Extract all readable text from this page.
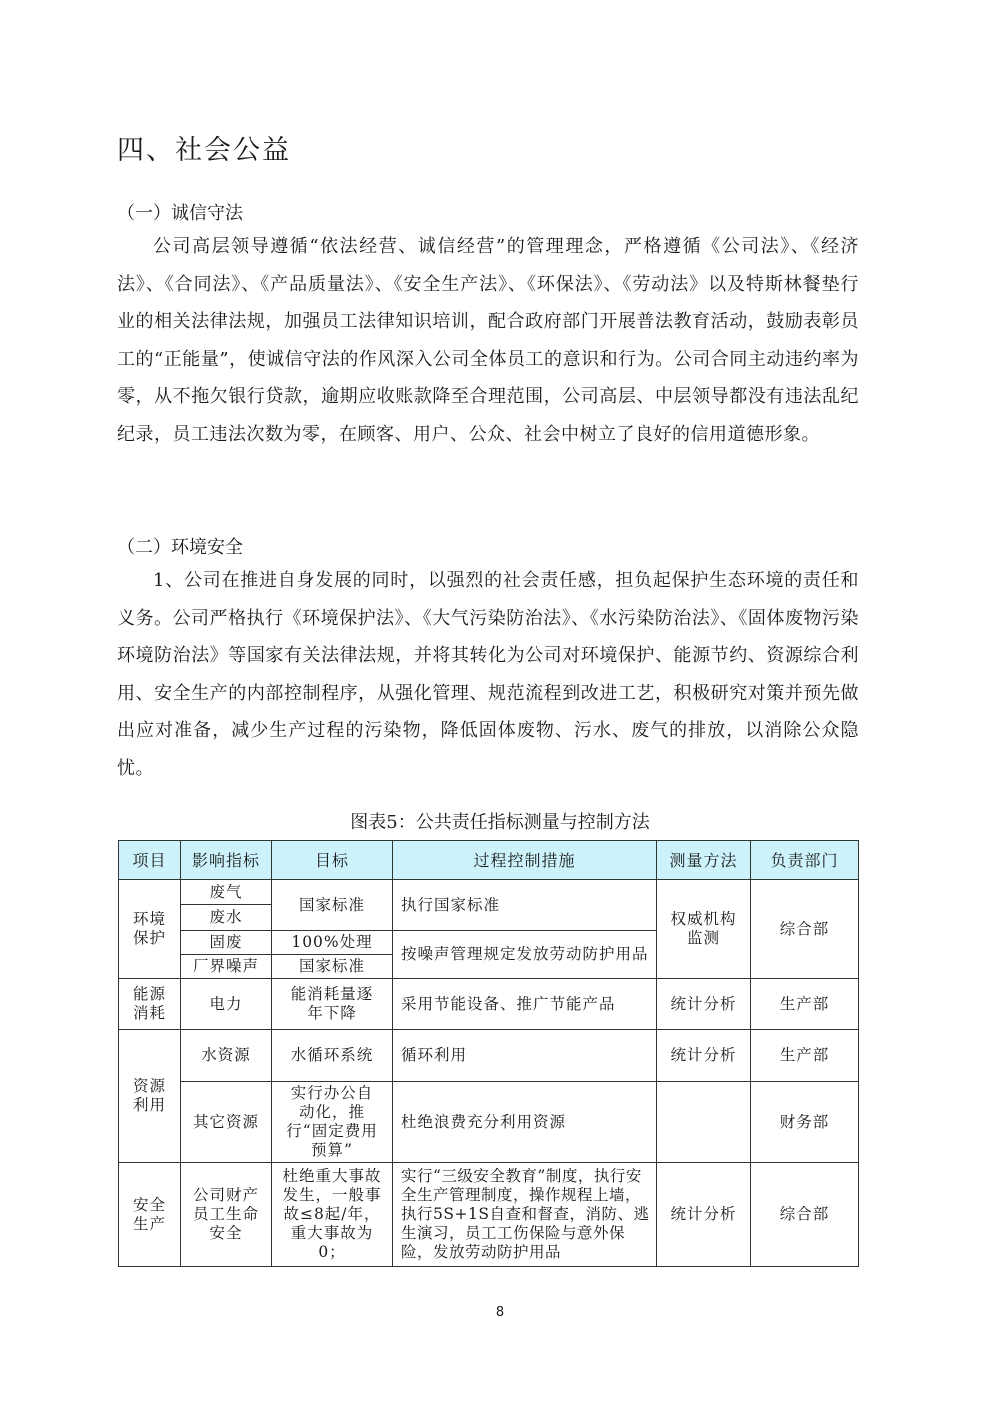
四、社会公益
（一）诚信守法

公司高层领导遵循“依法经营、诚信经营”的管理理念，严格遵循《公司法》、《经济法》、《合同法》、《产品质量法》、《安全生产法》、《环保法》、《劳动法》以及特斯林餐垫行业的相关法律法规，加强员工法律知识培训，配合政府部门开展普法教育活动，鼓励表彰员工的“正能量”，使诚信守法的作风深入公司全体员工的意识和行为。公司合同主动违约率为零，从不拖欠银行贷款，逾期应收账款降至合理范围，公司高层、中层领导都没有违法乱纪纪录，员工违法次数为零，在顾客、用户、公众、社会中树立了良好的信用道德形象。

（二）环境安全

1、公司在推进自身发展的同时，以强烈的社会责任感，担负起保护生态环境的责任和义务。公司严格执行《环境保护法》、《大气污染防治法》、《水污染防治法》、《固体废物污染环境防治法》等国家有关法律法规，并将其转化为公司对环境保护、能源节约、资源综合利用、安全生产的内部控制程序，从强化管理、规范流程到改进工艺，积极研究对策并预先做出应对准备，减少生产过程的污染物，降低固体废物、污水、废气的排放，以消除公众隐忧。

图表5：公共责任指标测量与控制方法
项目	影响指标	目标	过程控制措施	测量方法	负责部门
环境保护	废气	国家标准	执行国家标准	权威机构监测	综合部
	废水				
	固废	100%处理	按噪声管理规定发放劳动防护用品		
	厂界噪声	国家标准			
能源消耗	电力	能消耗量逐年下降	采用节能设备、推广节能产品	统计分析	生产部
资源利用	水资源	水循环系统	循环利用	统计分析	生产部
	其它资源	实行办公自动化，推行“固定费用预算”	杜绝浪费充分利用资源		财务部
安全生产	公司财产员工生命安全	杜绝重大事故发生，一般事故≤8起/年，重大事故为0；	实行“三级安全教育”制度，执行安全生产管理制度，操作规程上墙，执行5S+1S自查和督查，消防、逃生演习，员工工伤保险与意外保险，发放劳动防护用品	统计分析	综合部
8
